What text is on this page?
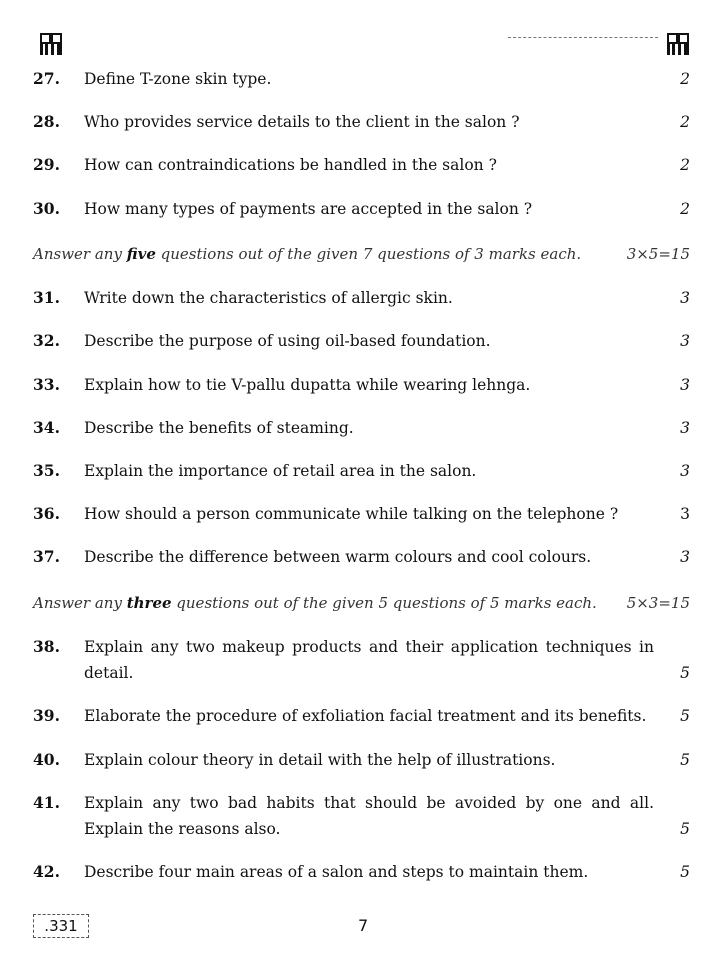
27. Define T-zone skin type.	2
28. Who provides service details to the client in the salon ?	2
29. How can contraindications be handled in the salon ?	2
30. How many types of payments are accepted in the salon ?	2
Answer any five questions out of the given 7 questions of 3 marks each.	3×5=15
31. Write down the characteristics of allergic skin.	3
32. Describe the purpose of using oil-based foundation.	3
33. Explain how to tie V-pallu dupatta while wearing lehnga.	3
34. Describe the benefits of steaming.	3
35. Explain the importance of retail area in the salon.	3
36. How should a person communicate while talking on the telephone ?	3
37. Describe the difference between warm colours and cool colours.	3
Answer any three questions out of the given 5 questions of 5 marks each. 5×3=15
38. Explain any two makeup products and their application techniques in detail.	5
39. Elaborate the procedure of exfoliation facial treatment and its benefits.	5
40. Explain colour theory in detail with the help of illustrations.	5
41. Explain any two bad habits that should be avoided by one and all. Explain the reasons also.	5
42. Describe four main areas of a salon and steps to maintain them.	5
.331	7
